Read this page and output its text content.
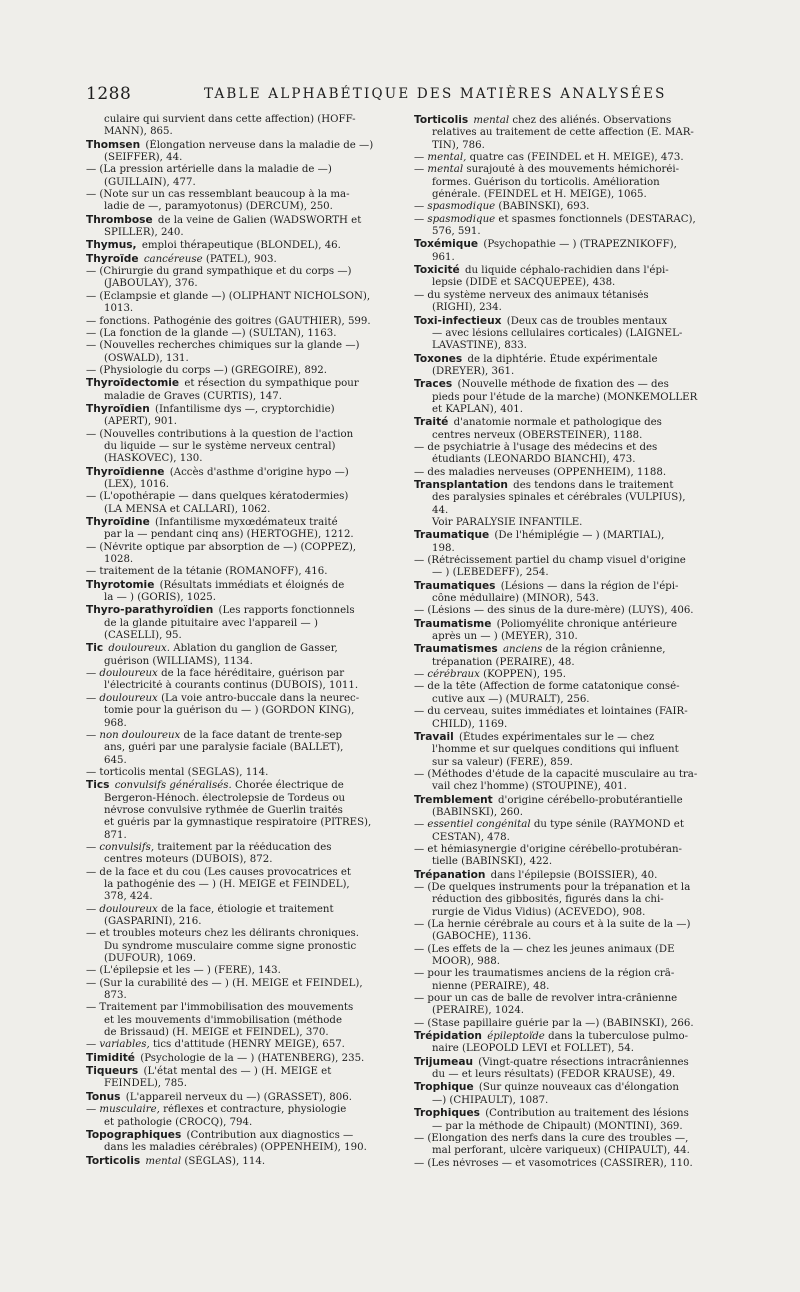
1288	TABLE ALPHABÉTIQUE DES MATIÈRES ANALYSÉES
culaire qui survient dans cette affection) (HOFF-
MANN), 865.
Thomsen (Élongation nerveuse dans la maladie de —)
(SEIFFER), 44.
— (La pression artérielle dans la maladie de —)
(GUILLAIN), 477.
— (Note sur un cas ressemblant beaucoup à la ma-
ladie de —, paramyotonus) (DERCUM), 250.
Thrombose de la veine de Galien (WADSWORTH et
SPILLER), 240.
Thymus, emploi thérapeutique (BLONDEL), 46.
Thyroïde cancéreuse (PATEL), 903.
— (Chirurgie du grand sympathique et du corps —)
(JABOULAY), 376.
— (Eclampsie et glande —) (OLIPHANT NICHOLSON),
1013.
— fonctions. Pathogénie des goitres (GAUTHIER), 599.
— (La fonction de la glande —) (SULTAN), 1163.
— (Nouvelles recherches chimiques sur la glande —)
(OSWALD), 131.
— (Physiologie du corps —) (GRÉGOIRE), 892.
Thyroïdectomie et résection du sympathique pour
maladie de Graves (CURTIS), 147.
Thyroïdien (Infantilisme dys —, cryptorchidie)
(APERT), 901.
— (Nouvelles contributions à la question de l'action
du liquide — sur le système nerveux central)
(HASKOVEC), 130.
Thyroïdienne (Accès d'asthme d'origine hypo —)
(LEX), 1016.
— (L'opothérapie — dans quelques kératodermies)
(LA MENSA et CALLARI), 1062.
Thyroïdine (Infantilisme myxœdémateux traité
par la — pendant cinq ans) (HERTOGHE), 1212.
— (Névrite optique par absorption de —) (COPPEZ),
1028.
— traitement de la tétanie (ROMANOFF), 416.
Thyrotomie (Résultats immédiats et éloignés de
la — ) (GORIS), 1025.
Thyro-parathyroïdien (Les rapports fonctionnels
de la glande pituitaire avec l'appareil — )
(CASELLI), 95.
Tic douloureux. Ablation du ganglion de Gasser,
guérison (WILLIAMS), 1134.
— douloureux de la face héréditaire, guérison par
l'électricité à courants continus (DUBOIS), 1011.
— douloureux (La voie antro-buccale dans la neurec-
tomie pour la guérison du — ) (GORDON KING),
968.
— non douloureux de la face datant de trente-sep
ans, guéri par une paralysie faciale (BALLET),
645.
— torticolis mental (SÉGLAS), 114.
Tics convulsifs généralisés. Chorée électrique de
Bergeron-Hénoch. électrolepsie de Tordeus ou
névrose convulsive rythmée de Guerlin traités
et guéris par la gymnastique respiratoire (PITRES),
871.
— convulsifs, traitement par la rééducation des
centres moteurs (DUBOIS), 872.
— de la face et du cou (Les causes provocatrices et
la pathogénie des — ) (H. MEIGE et FEINDEL),
378, 424.
— douloureux de la face, étiologie et traitement
(GASPARINI), 216.
— et troubles moteurs chez les délirants chroniques.
Du syndrome musculaire comme signe pronostic
(DUFOUR), 1069.
— (L'épilepsie et les — ) (FÉRÉ), 143.
— (Sur la curabilité des — ) (H. MEIGE et FEINDEL),
873.
— Traitement par l'immobilisation des mouvements
et les mouvements d'immobilisation (méthode
de Brissaud) (H. MEIGE et FEINDEL), 370.
— variables, tics d'attitude (HENRY MEIGE), 657.
Timidité (Psychologie de la — ) (HATENBERG), 235.
Tiqueurs (L'état mental des — ) (H. MEIGE et
FEINDEL), 785.
Tonus (L'appareil nerveux du —) (GRASSET), 806.
— musculaire, réflexes et contracture, physiologie
et pathologie (CROCQ), 794.
Topographiques (Contribution aux diagnostics —
dans les maladies cérébrales) (OPPENHEIM), 190.
Torticolis mental (SÉGLAS), 114.
Torticolis mental chez des aliénés. Observations
relatives au traitement de cette affection (E. MAR-
TIN), 786.
— mental, quatre cas (FEINDEL et H. MEIGE), 473.
— mental surajouté à des mouvements hémichoréi-
formes. Guérison du torticolis. Amélioration
générale. (FEINDEL et H. MEIGE), 1065.
— spasmodique (BABINSKI), 693.
— spasmodique et spasmes fonctionnels (DESTARAC),
576, 591.
Toxémique (Psychopathie — ) (TRAPEZNIKOFF),
961.
Toxicité du liquide céphalo-rachidien dans l'épi-
lepsie (DIDE et SACQUÉPÉE), 438.
— du système nerveux des animaux tétanisés
(RIGHI), 234.
Toxi-infectieux (Deux cas de troubles mentaux
— avec lésions cellulaires corticales) (LAIGNEL-
LAVASTINE), 833.
Toxones de la diphtérie. Étude expérimentale
(DREYER), 361.
Traces (Nouvelle méthode de fixation des — des
pieds pour l'étude de la marche) (MONKEMOLLER
et KAPLAN), 401.
Traité d'anatomie normale et pathologique des
centres nerveux (OBERSTEINER), 1188.
— de psychiatrie à l'usage des médecins et des
étudiants (LEONARDO BIANCHI), 473.
— des maladies nerveuses (OPPENHEIM), 1188.
Transplantation des tendons dans le traitement
des paralysies spinales et cérébrales (VULPIUS),
44.
Voir PARALYSIE INFANTILE.
Traumatique (De l'hémiplégie — ) (MARTIAL),
198.
— (Rétrécissement partiel du champ visuel d'origine
— ) (LEBEDEFF), 254.
Traumatiques (Lésions — dans la région de l'épi-
cône médullaire) (MINOR), 543.
— (Lésions — des sinus de la dure-mère) (LUYS), 406.
Traumatisme (Poliomyélite chronique antérieure
après un — ) (MEYER), 310.
Traumatismes anciens de la région crânienne,
trépanation (PÉRAIRE), 48.
— cérébraux (KOPPEN), 195.
— de la tête (Affection de forme catatonique consé-
cutive aux —) (MURALT), 256.
— du cerveau, suites immédiates et lointaines (FAIR-
CHILD), 1169.
Travail (Études expérimentales sur le — chez
l'homme et sur quelques conditions qui influent
sur sa valeur) (FÉRÉ), 859.
— (Méthodes d'étude de la capacité musculaire au tra-
vail chez l'homme) (STOUPINE), 401.
Tremblement d'origine cérébello-probutérantielle
(BABINSKI), 260.
— essentiel congénital du type sénile (RAYMOND et
CESTAN), 478.
— et hémiasynergie d'origine cérébello-protubéran-
tielle (BABINSKI), 422.
Trépanation dans l'épilepsie (BOISSIER), 40.
— (De quelques instruments pour la trépanation et la
réduction des gibbosités, figurés dans la chi-
rurgie de Vidus Vidius) (ACEVEDO), 908.
— (La hernie cérébrale au cours et à la suite de la —)
(GABOCHE), 1136.
— (Les effets de la — chez les jeunes animaux (DE
MOOR), 988.
— pour les traumatismes anciens de la région crâ-
nienne (PÉRAIRE), 48.
— pour un cas de balle de revolver intra-crânienne
(PÉRAIRE), 1024.
— (Stase papillaire guérie par la —) (BABINSKI), 266.
Trépidation épileptoïde dans la tuberculose pulmo-
naire (LÉOPOLD LEVI et FOLLET), 54.
Trijumeau (Vingt-quatre résections intracrâniennes
du — et leurs résultats) (FEDOR KRAUSE), 49.
Trophique (Sur quinze nouveaux cas d'élongation
—) (CHIPAULT), 1087.
Trophiques (Contribution au traitement des lésions
— par la méthode de Chipault) (MONTINI), 369.
— (Elongation des nerfs dans la cure des troubles —,
mal perforant, ulcère variqueux) (CHIPAULT), 44.
— (Les névroses — et vasomotrices (CASSIRER), 110.
